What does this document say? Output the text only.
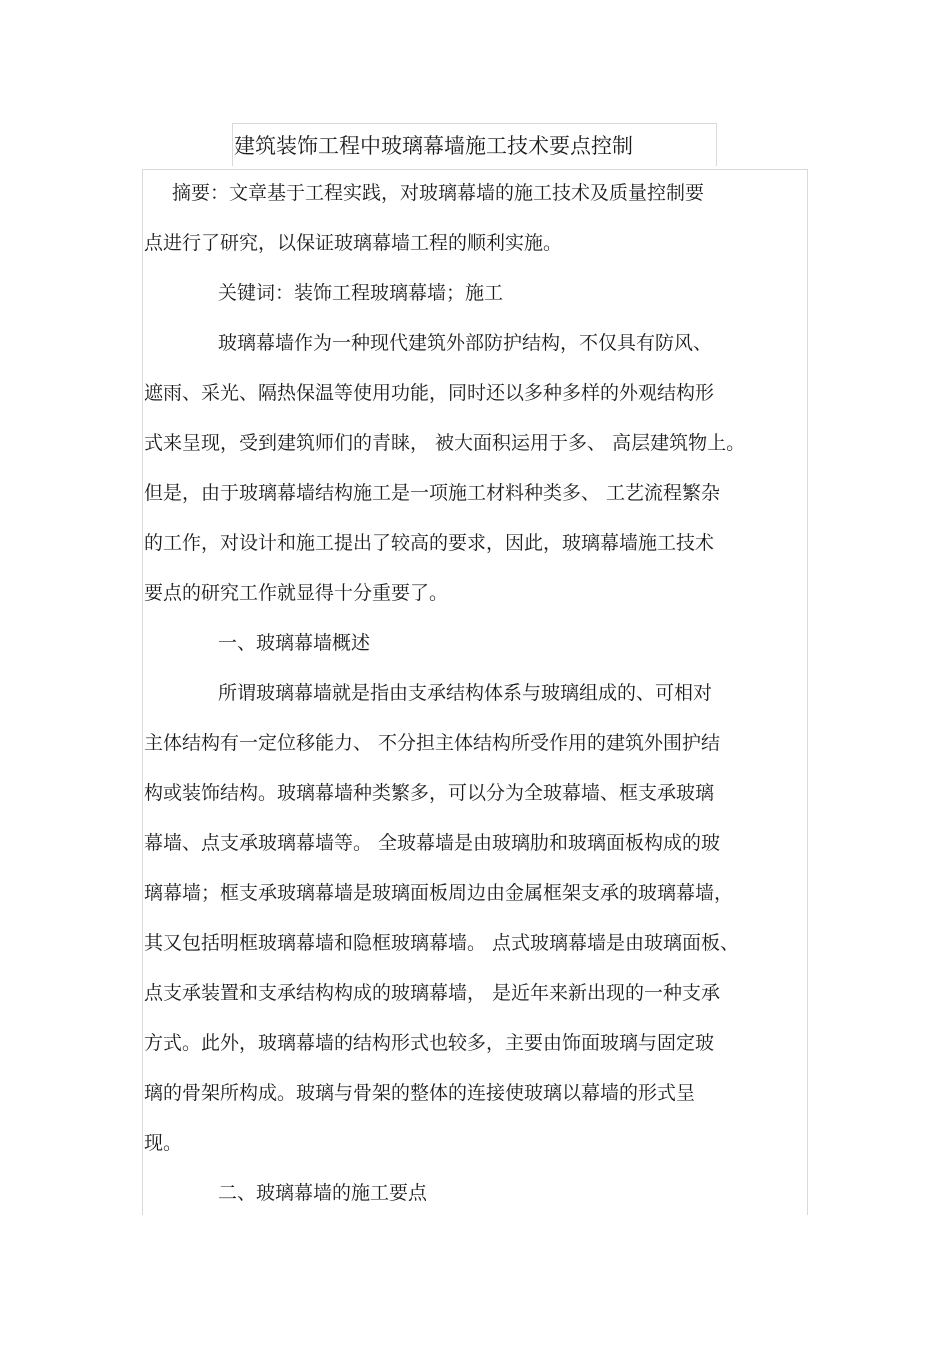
建筑装饰工程中玻璃幕墙施工技术要点控制
摘要：文章基于工程实践，对玻璃幕墙的施工技术及质量控制要
点进行了研究，以保证玻璃幕墙工程的顺利实施。
关键词：装饰工程玻璃幕墙；施工
玻璃幕墙作为一种现代建筑外部防护结构，不仅具有防风、
遮雨、采光、隔热保温等使用功能，同时还以多种多样的外观结构形
式来呈现，受到建筑师们的青睐， 被大面积运用于多、 高层建筑物上。
但是，由于玻璃幕墙结构施工是一项施工材料种类多、 工艺流程繁杂
的工作，对设计和施工提出了较高的要求，因此，玻璃幕墙施工技术
要点的研究工作就显得十分重要了。
一、玻璃幕墙概述
所谓玻璃幕墙就是指由支承结构体系与玻璃组成的、可相对
主体结构有一定位移能力、 不分担主体结构所受作用的建筑外围护结
构或装饰结构。玻璃幕墙种类繁多，可以分为全玻幕墙、框支承玻璃
幕墙、点支承玻璃幕墙等。 全玻幕墙是由玻璃肋和玻璃面板构成的玻
璃幕墙；框支承玻璃幕墙是玻璃面板周边由金属框架支承的玻璃幕墙，
其又包括明框玻璃幕墙和隐框玻璃幕墙。 点式玻璃幕墙是由玻璃面板、
点支承装置和支承结构构成的玻璃幕墙， 是近年来新出现的一种支承
方式。此外，玻璃幕墙的结构形式也较多，主要由饰面玻璃与固定玻
璃的骨架所构成。玻璃与骨架的整体的连接使玻璃以幕墙的形式呈
现。
二、玻璃幕墙的施工要点
